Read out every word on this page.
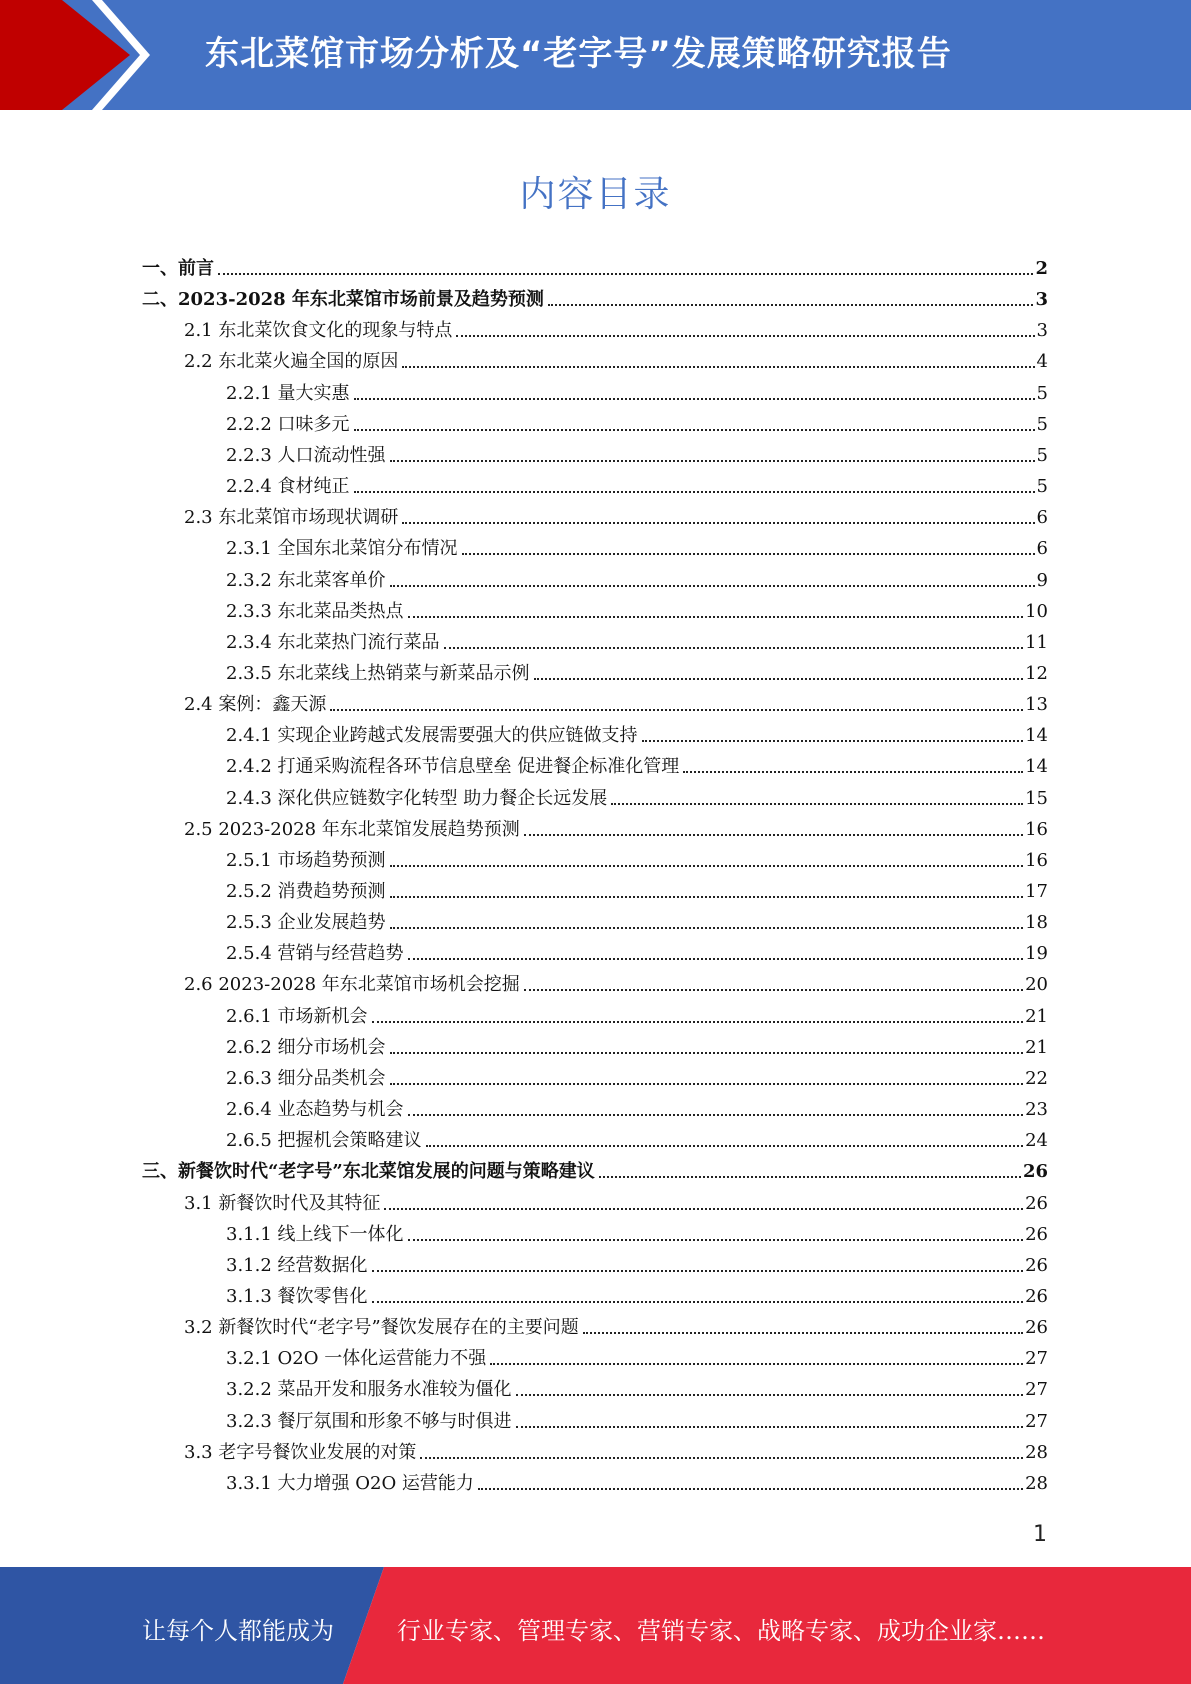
东北菜馆市场分析及“老字号”发展策略研究报告
内容目录
一、前言	2
二、2023-2028 年东北菜馆市场前景及趋势预测	3
2.1 东北菜饮食文化的现象与特点	3
2.2 东北菜火遍全国的原因	4
2.2.1 量大实惠	5
2.2.2 口味多元	5
2.2.3 人口流动性强	5
2.2.4 食材纯正	5
2.3 东北菜馆市场现状调研	6
2.3.1 全国东北菜馆分布情况	6
2.3.2 东北菜客单价	9
2.3.3 东北菜品类热点	10
2.3.4 东北菜热门流行菜品	11
2.3.5 东北菜线上热销菜与新菜品示例	12
2.4 案例：鑫天源	13
2.4.1 实现企业跨越式发展需要强大的供应链做支持	14
2.4.2 打通采购流程各环节信息壁垒 促进餐企标准化管理	14
2.4.3 深化供应链数字化转型 助力餐企长远发展	15
2.5 2023-2028 年东北菜馆发展趋势预测	16
2.5.1 市场趋势预测	16
2.5.2 消费趋势预测	17
2.5.3 企业发展趋势	18
2.5.4 营销与经营趋势	19
2.6 2023-2028 年东北菜馆市场机会挖掘	20
2.6.1 市场新机会	21
2.6.2 细分市场机会	21
2.6.3 细分品类机会	22
2.6.4 业态趋势与机会	23
2.6.5 把握机会策略建议	24
三、新餐饮时代“老字号”东北菜馆发展的问题与策略建议	26
3.1 新餐饮时代及其特征	26
3.1.1 线上线下一体化	26
3.1.2 经营数据化	26
3.1.3 餐饮零售化	26
3.2 新餐饮时代“老字号”餐饮发展存在的主要问题	26
3.2.1 O2O 一体化运营能力不强	27
3.2.2 菜品开发和服务水准较为僵化	27
3.2.3 餐厅氛围和形象不够与时俱进	27
3.3 老字号餐饮业发展的对策	28
3.3.1 大力增强 O2O 运营能力	28
1
让每个人都能成为	行业专家、管理专家、营销专家、战略专家、成功企业家……
